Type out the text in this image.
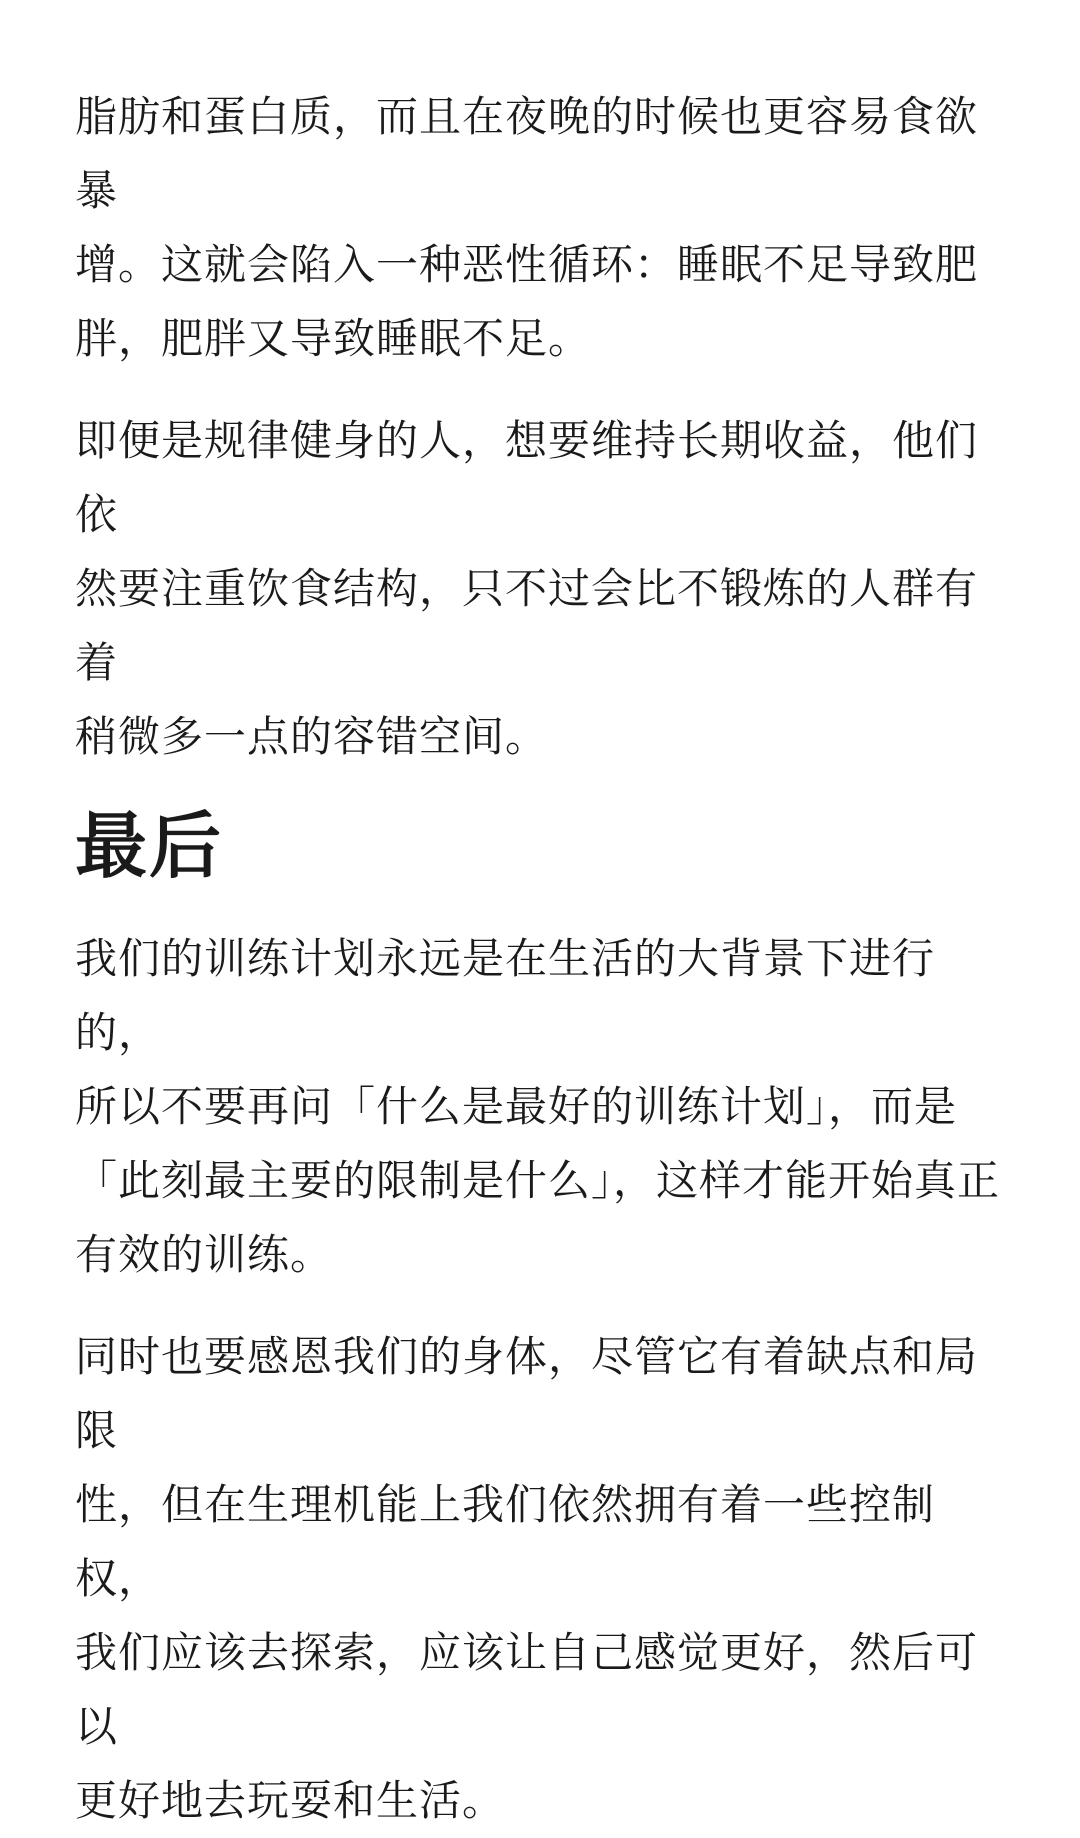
脂肪和蛋白质，而且在夜晚的时候也更容易食欲暴
增。这就会陷入一种恶性循环：睡眠不足导致肥
胖，肥胖又导致睡眠不足。

即便是规律健身的人，想要维持长期收益，他们依
然要注重饮食结构，只不过会比不锻炼的人群有着
稍微多一点的容错空间。

最后

我们的训练计划永远是在生活的大背景下进行的，
所以不要再问「什么是最好的训练计划」，而是
「此刻最主要的限制是什么」，这样才能开始真正
有效的训练。

同时也要感恩我们的身体，尽管它有着缺点和局限
性，但在生理机能上我们依然拥有着一些控制权，
我们应该去探索，应该让自己感觉更好，然后可以
更好地去玩耍和生活。
